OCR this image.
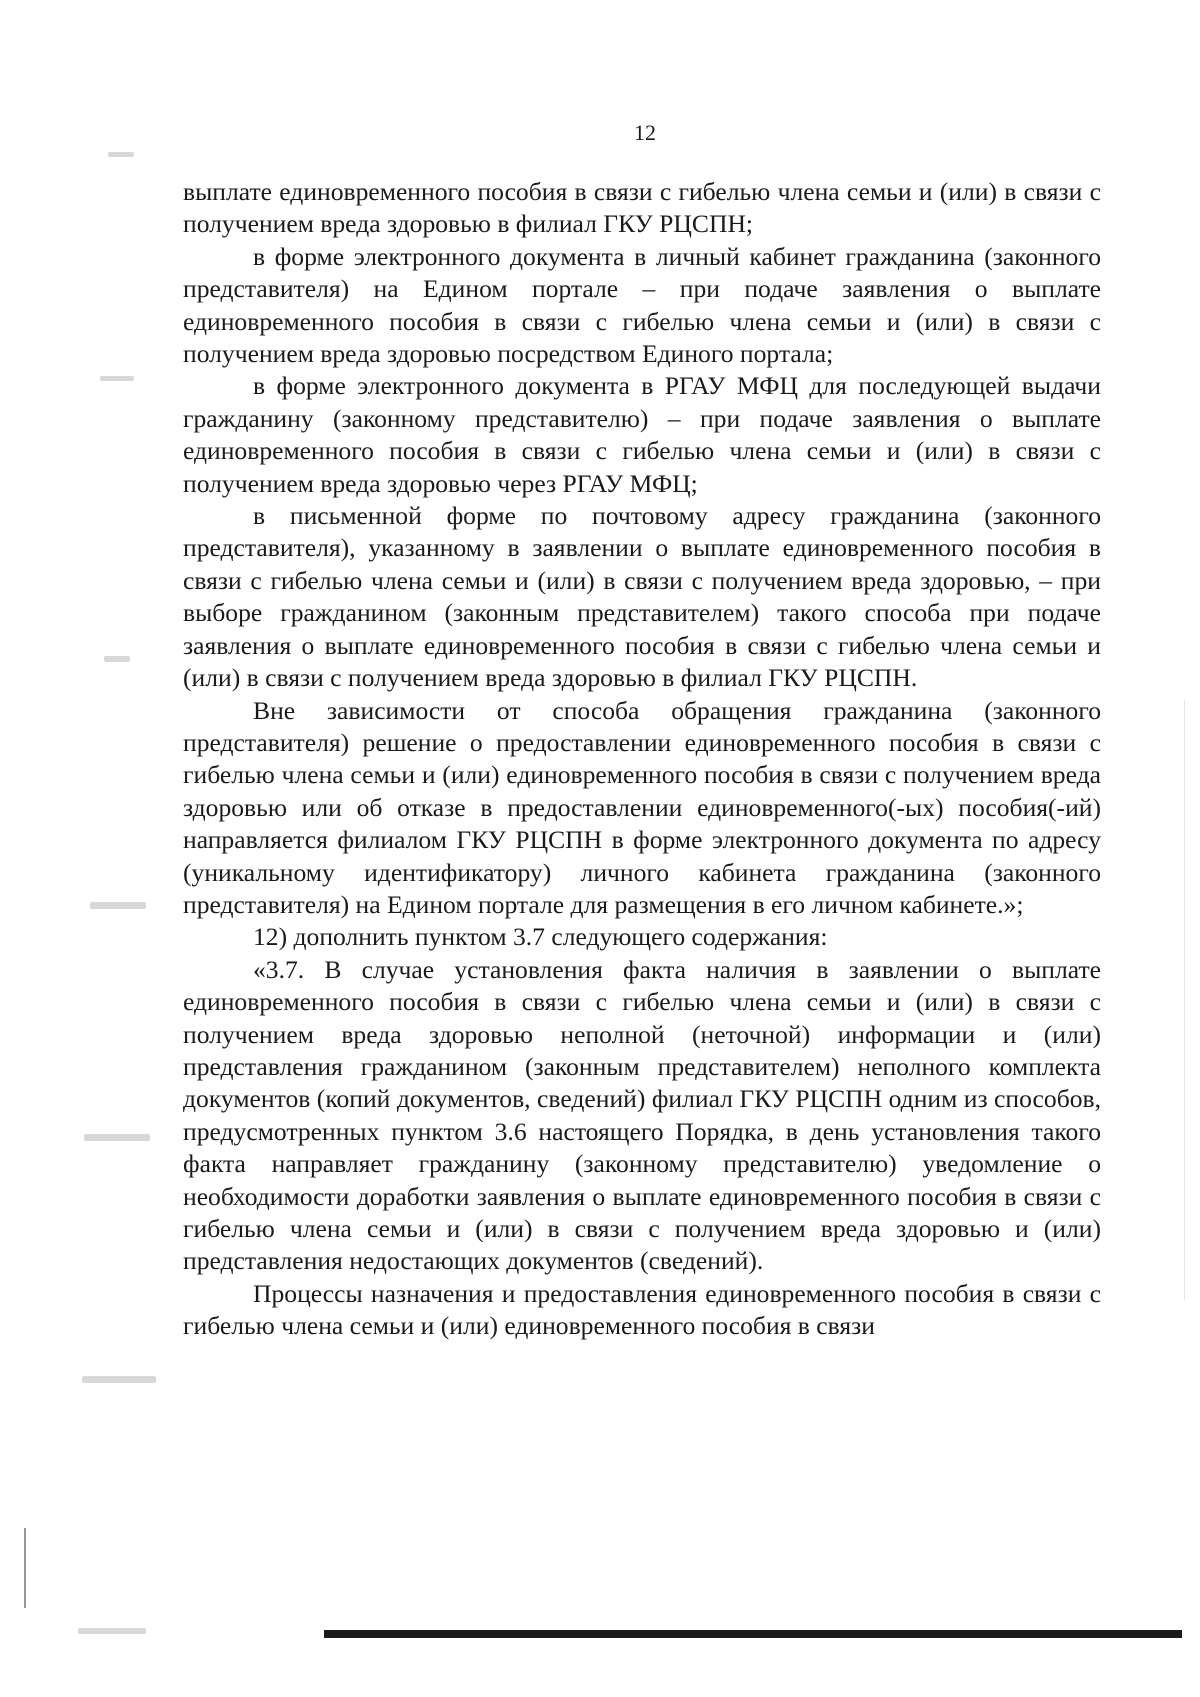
12

выплате единовременного пособия в связи с гибелью члена семьи и (или) в связи с получением вреда здоровью в филиал ГКУ РЦСПН;

в форме электронного документа в личный кабинет гражданина (законного представителя) на Едином портале – при подаче заявления о выплате единовременного пособия в связи с гибелью члена семьи и (или) в связи с получением вреда здоровью посредством Единого портала;

в форме электронного документа в РГАУ МФЦ для последующей выдачи гражданину (законному представителю) – при подаче заявления о выплате единовременного пособия в связи с гибелью члена семьи и (или) в связи с получением вреда здоровью через РГАУ МФЦ;

в письменной форме по почтовому адресу гражданина (законного представителя), указанному в заявлении о выплате единовременного пособия в связи с гибелью члена семьи и (или) в связи с получением вреда здоровью, – при выборе гражданином (законным представителем) такого способа при подаче заявления о выплате единовременного пособия в связи с гибелью члена семьи и (или) в связи с получением вреда здоровью в филиал ГКУ РЦСПН.

Вне зависимости от способа обращения гражданина (законного представителя) решение о предоставлении единовременного пособия в связи с гибелью члена семьи и (или) единовременного пособия в связи с получением вреда здоровью или об отказе в предоставлении единовременного(-ых) пособия(-ий) направляется филиалом ГКУ РЦСПН в форме электронного документа по адресу (уникальному идентификатору) личного кабинета гражданина (законного представителя) на Едином портале для размещения в его личном кабинете.»;

12) дополнить пунктом 3.7 следующего содержания:

«3.7. В случае установления факта наличия в заявлении о выплате единовременного пособия в связи с гибелью члена семьи и (или) в связи с получением вреда здоровью неполной (неточной) информации и (или) представления гражданином (законным представителем) неполного комплекта документов (копий документов, сведений) филиал ГКУ РЦСПН одним из способов, предусмотренных пунктом 3.6 настоящего Порядка, в день установления такого факта направляет гражданину (законному представителю) уведомление о необходимости доработки заявления о выплате единовременного пособия в связи с гибелью члена семьи и (или) в связи с получением вреда здоровью и (или) представления недостающих документов (сведений).

Процессы назначения и предоставления единовременного пособия в связи с гибелью члена семьи и (или) единовременного пособия в связи
